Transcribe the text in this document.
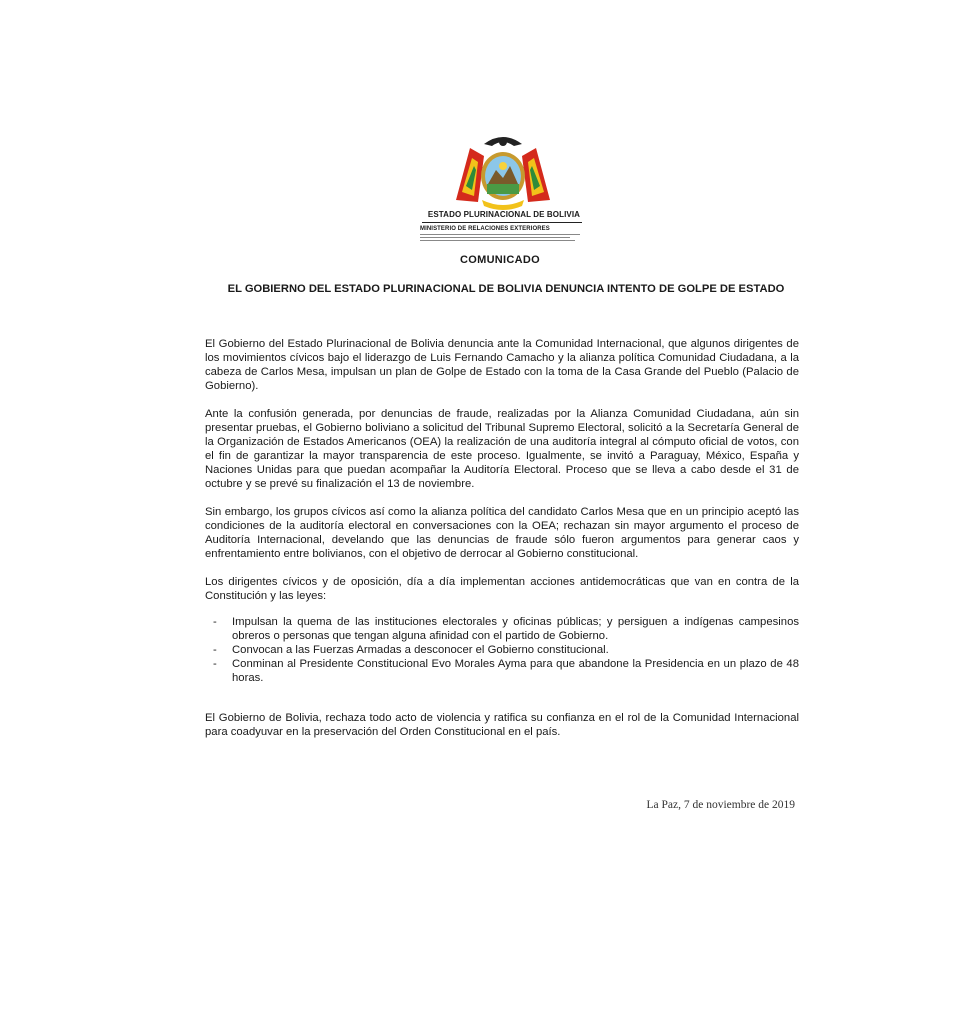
ESTADO PLURINACIONAL DE BOLIVIA
MINISTERIO DE RELACIONES EXTERIORES
COMUNICADO
EL GOBIERNO DEL ESTADO PLURINACIONAL DE BOLIVIA DENUNCIA INTENTO DE GOLPE DE ESTADO

El Gobierno del Estado Plurinacional de Bolivia denuncia ante la Comunidad Internacional, que algunos dirigentes de los movimientos cívicos bajo el liderazgo de Luis Fernando Camacho y la alianza política Comunidad Ciudadana, a la cabeza de Carlos Mesa, impulsan un plan de Golpe de Estado con la toma de la Casa Grande del Pueblo (Palacio de Gobierno).

Ante la confusión generada, por denuncias de fraude, realizadas por la Alianza Comunidad Ciudadana, aún sin presentar pruebas, el Gobierno boliviano a solicitud del Tribunal Supremo Electoral, solicitó a la Secretaría General de la Organización de Estados Americanos (OEA) la realización de una auditoría integral al cómputo oficial de votos, con el fin de garantizar la mayor transparencia de este proceso. Igualmente, se invitó a Paraguay, México, España y Naciones Unidas para que puedan acompañar la Auditoría Electoral. Proceso que se lleva a cabo desde el 31 de octubre y se prevé su finalización el 13 de noviembre.

Sin embargo, los grupos cívicos así como la alianza política del candidato Carlos Mesa que en un principio aceptó las condiciones de la auditoría electoral en conversaciones con la OEA; rechazan sin mayor argumento el proceso de Auditoría Internacional, develando que las denuncias de fraude sólo fueron argumentos para generar caos y enfrentamiento entre bolivianos, con el objetivo de derrocar al Gobierno constitucional.

Los dirigentes cívicos y de oposición, día a día implementan acciones antidemocráticas que van en contra de la Constitución y las leyes:

- Impulsan la quema de las instituciones electorales y oficinas públicas; y persiguen a indígenas campesinos obreros o personas que tengan alguna afinidad con el partido de Gobierno.
- Convocan a las Fuerzas Armadas a desconocer el Gobierno constitucional.
- Conminan al Presidente Constitucional Evo Morales Ayma para que abandone la Presidencia en un plazo de 48 horas.

El Gobierno de Bolivia, rechaza todo acto de violencia y ratifica su confianza en el rol de la Comunidad Internacional para coadyuvar en la preservación del Orden Constitucional en el país.

La Paz, 7 de noviembre de 2019
